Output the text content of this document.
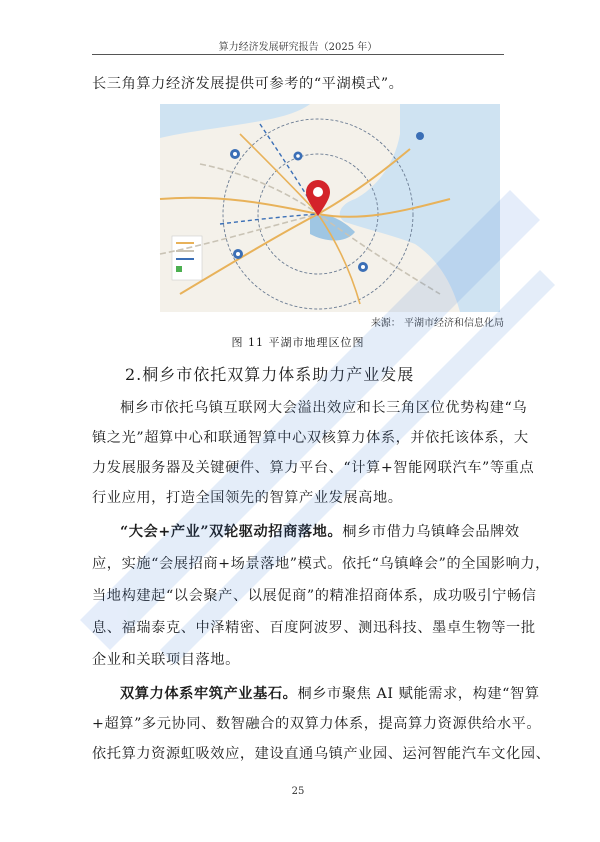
算力经济发展研究报告（2025 年）
长三角算力经济发展提供可参考的“平湖模式”。
来源： 平湖市经济和信息化局
图 11 平湖市地理区位图
2.桐乡市依托双算力体系助力产业发展
桐乡市依托乌镇互联网大会溢出效应和长三角区位优势构建“乌
镇之光”超算中心和联通智算中心双核算力体系，并依托该体系，大
力发展服务器及关键硬件、算力平台、“计算+智能网联汽车”等重点
行业应用，打造全国领先的智算产业发展高地。
“大会+产业”双轮驱动招商落地。桐乡市借力乌镇峰会品牌效
应，实施“会展招商+场景落地”模式。依托“乌镇峰会”的全国影响力，
当地构建起“以会聚产、以展促商”的精准招商体系，成功吸引宁畅信
息、福瑞泰克、中泽精密、百度阿波罗、测迅科技、墨卓生物等一批
企业和关联项目落地。
双算力体系牢筑产业基石。桐乡市聚焦 AI 赋能需求，构建“智算
+超算”多元协同、数智融合的双算力体系，提高算力资源供给水平。
依托算力资源虹吸效应，建设直通乌镇产业园、运河智能汽车文化园、
25
